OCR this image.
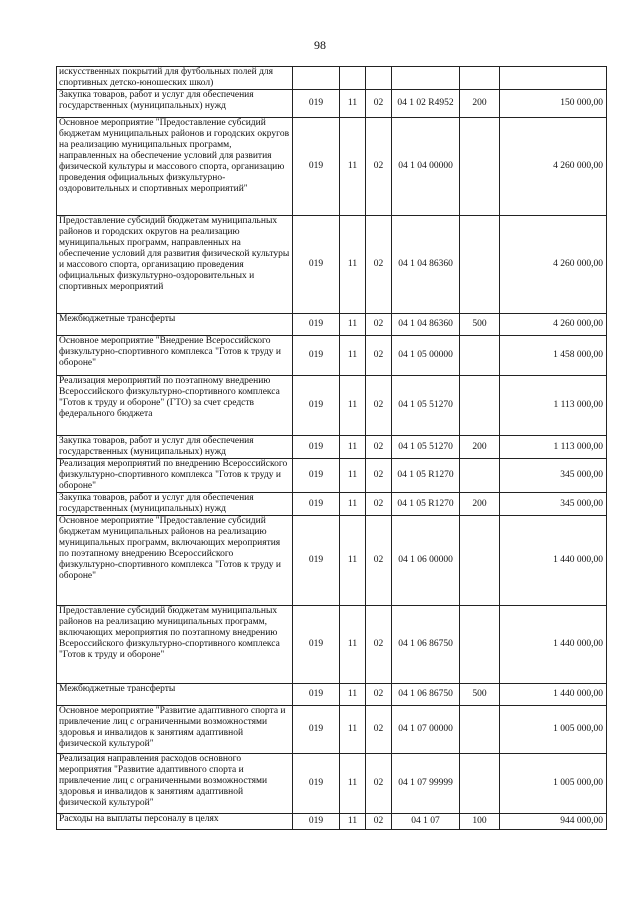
98
искусственных покрытий для футбольных полей для спортивных детско-юношеских школ)						
Закупка товаров, работ и услуг для обеспечения государственных (муниципальных) нужд	019	11	02	04 1 02 R4952	200	150 000,00
Основное мероприятие "Предоставление субсидий бюджетам муниципальных районов и городских округов на реализацию муниципальных программ, направленных на обеспечение условий для развития физической культуры и массового спорта, организацию проведения официальных физкультурно-оздоровительных и спортивных мероприятий"	019	11	02	04 1 04 00000		4 260 000,00
Предоставление субсидий бюджетам муниципальных районов и городских округов на реализацию муниципальных программ, направленных на обеспечение условий для развития физической культуры и массового спорта, организацию проведения официальных физкультурно-оздоровительных и спортивных мероприятий	019	11	02	04 1 04 86360		4 260 000,00
Межбюджетные трансферты	019	11	02	04 1 04 86360	500	4 260 000,00
Основное мероприятие "Внедрение Всероссийского физкультурно-спортивного комплекса "Готов к труду и обороне"	019	11	02	04 1 05 00000		1 458 000,00
Реализация мероприятий по поэтапному внедрению Всероссийского физкультурно-спортивного комплекса "Готов к труду и обороне" (ГТО) за счет средств федерального бюджета	019	11	02	04 1 05 51270		1 113 000,00
Закупка товаров, работ и услуг для обеспечения государственных (муниципальных) нужд	019	11	02	04 1 05 51270	200	1 113 000,00
Реализация мероприятий по внедрению Всероссийского физкультурно-спортивного комплекса "Готов к труду и обороне"	019	11	02	04 1 05 R1270		345 000,00
Закупка товаров, работ и услуг для обеспечения государственных (муниципальных) нужд	019	11	02	04 1 05 R1270	200	345 000,00
Основное мероприятие "Предоставление субсидий бюджетам муниципальных районов на реализацию муниципальных программ, включающих мероприятия по поэтапному внедрению Всероссийского физкультурно-спортивного комплекса "Готов к труду и обороне"	019	11	02	04 1 06 00000		1 440 000,00
Предоставление субсидий бюджетам муниципальных районов на реализацию муниципальных программ, включающих мероприятия по поэтапному внедрению Всероссийского физкультурно-спортивного комплекса "Готов к труду и обороне"	019	11	02	04 1 06 86750		1 440 000,00
Межбюджетные трансферты	019	11	02	04 1 06 86750	500	1 440 000,00
Основное мероприятие "Развитие адаптивного спорта и привлечение лиц с ограниченными возможностями здоровья и инвалидов к занятиям адаптивной физической культурой"	019	11	02	04 1 07 00000		1 005 000,00
Реализация направления расходов основного мероприятия "Развитие адаптивного спорта и привлечение лиц с ограниченными возможностями здоровья и инвалидов к занятиям адаптивной физической культурой"	019	11	02	04 1 07 99999		1 005 000,00
Расходы на выплаты персоналу в целях	019	11	02	04 1 07	100	944 000,00
